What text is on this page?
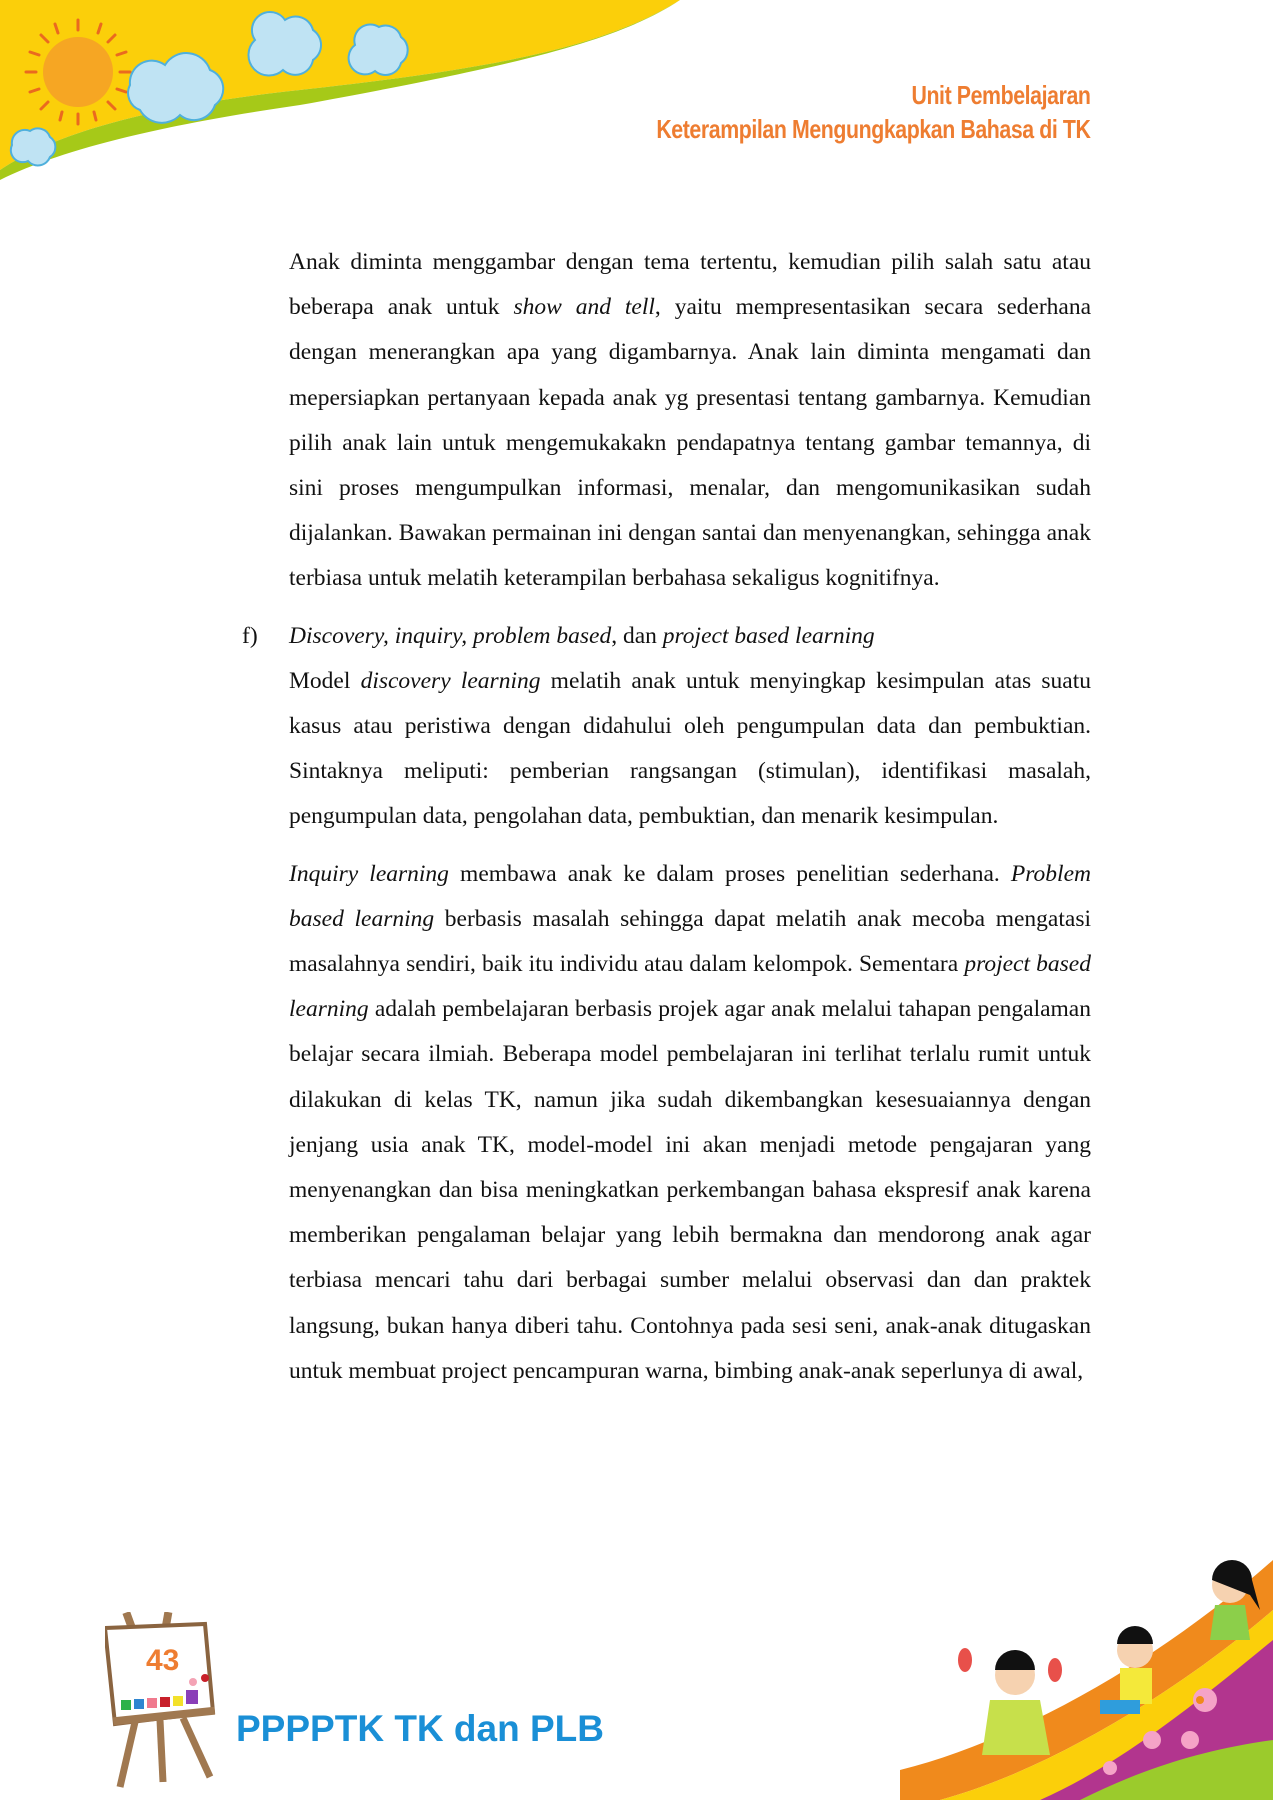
Unit Pembelajaran
Keterampilan Mengungkapkan Bahasa di TK

Anak diminta menggambar dengan tema tertentu, kemudian pilih salah satu atau beberapa anak untuk show and tell, yaitu mempresentasikan secara sederhana dengan menerangkan apa yang digambarnya. Anak lain diminta mengamati dan mepersiapkan pertanyaan kepada anak yg presentasi tentang gambarnya. Kemudian pilih anak lain untuk mengemukakakn pendapatnya tentang gambar temannya, di sini proses mengumpulkan informasi, menalar, dan mengomunikasikan sudah dijalankan. Bawakan permainan ini dengan santai dan menyenangkan, sehingga anak terbiasa untuk melatih keterampilan berbahasa sekaligus kognitifnya.

f) Discovery, inquiry, problem based, dan project based learning

Model discovery learning melatih anak untuk menyingkap kesimpulan atas suatu kasus atau peristiwa dengan didahului oleh pengumpulan data dan pembuktian. Sintaknya meliputi: pemberian rangsangan (stimulan), identifikasi masalah, pengumpulan data, pengolahan data, pembuktian, dan menarik kesimpulan.

Inquiry learning membawa anak ke dalam proses penelitian sederhana. Problem based learning berbasis masalah sehingga dapat melatih anak mecoba mengatasi masalahnya sendiri, baik itu individu atau dalam kelompok. Sementara project based learning adalah pembelajaran berbasis projek agar anak melalui tahapan pengalaman belajar secara ilmiah. Beberapa model pembelajaran ini terlihat terlalu rumit untuk dilakukan di kelas TK, namun jika sudah dikembangkan kesesuaiannya dengan jenjang usia anak TK, model-model ini akan menjadi metode pengajaran yang menyenangkan dan bisa meningkatkan perkembangan bahasa ekspresif anak karena memberikan pengalaman belajar yang lebih bermakna dan mendorong anak agar terbiasa mencari tahu dari berbagai sumber melalui observasi dan dan praktek langsung, bukan hanya diberi tahu. Contohnya pada sesi seni, anak-anak ditugaskan untuk membuat project pencampuran warna, bimbing anak-anak seperlunya di awal,

43
PPPPTK TK dan PLB
